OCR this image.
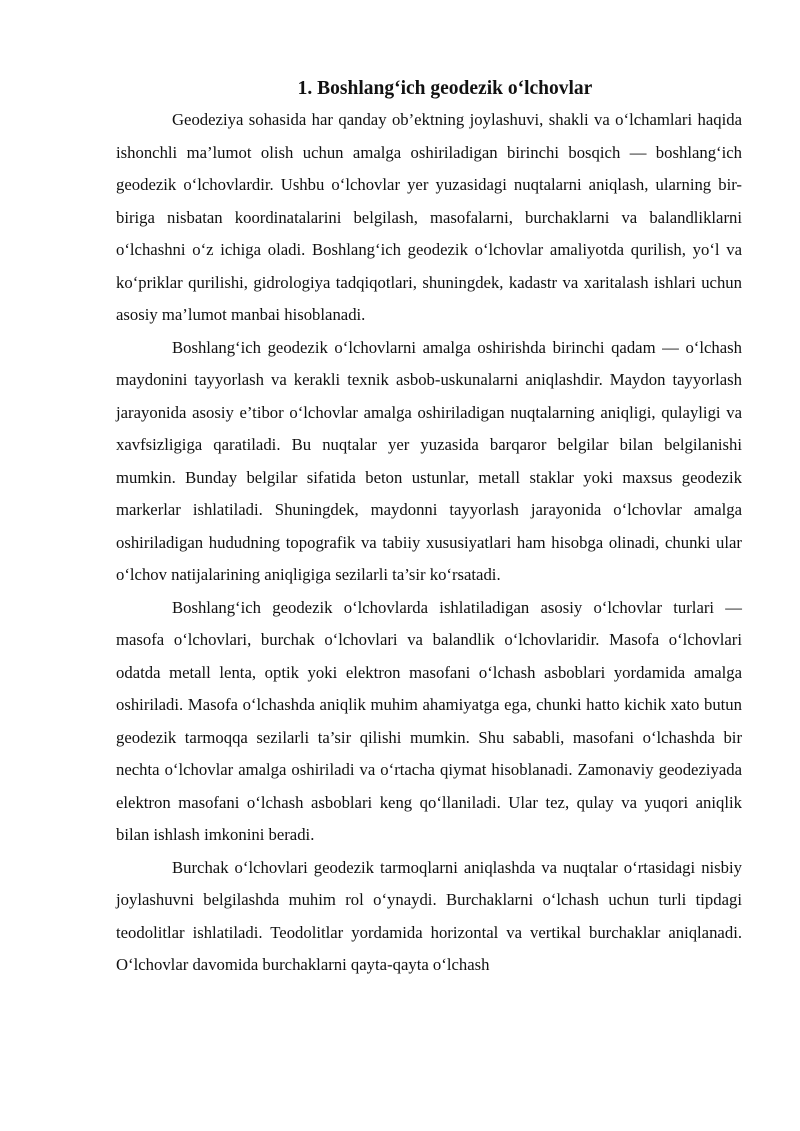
1. Boshlang‘ich geodezik o‘lchovlar

Geodeziya sohasida har qanday ob’ektning joylashuvi, shakli va o‘lchamlari haqida ishonchli ma’lumot olish uchun amalga oshiriladigan birinchi bosqich — boshlang‘ich geodezik o‘lchovlardir. Ushbu o‘lchovlar yer yuzasidagi nuqtalarni aniqlash, ularning bir-biriga nisbatan koordinatalarini belgilash, masofalarni, burchaklarni va balandliklarni o‘lchashni o‘z ichiga oladi. Boshlang‘ich geodezik o‘lchovlar amaliyotda qurilish, yo‘l va ko‘priklar qurilishi, gidrologiya tadqiqotlari, shuningdek, kadastr va xaritalash ishlari uchun asosiy ma’lumot manbai hisoblanadi.

Boshlang‘ich geodezik o‘lchovlarni amalga oshirishda birinchi qadam — o‘lchash maydonini tayyorlash va kerakli texnik asbob-uskunalarni aniqlashdir. Maydon tayyorlash jarayonida asosiy e’tibor o‘lchovlar amalga oshiriladigan nuqtalarning aniqligi, qulayligi va xavfsizligiga qaratiladi. Bu nuqtalar yer yuzasida barqaror belgilar bilan belgilanishi mumkin. Bunday belgilar sifatida beton ustunlar, metall staklar yoki maxsus geodezik markerlar ishlatiladi. Shuningdek, maydonni tayyorlash jarayonida o‘lchovlar amalga oshiriladigan hududning topografik va tabiiy xususiyatlari ham hisobga olinadi, chunki ular o‘lchov natijalarining aniqligiga sezilarli ta’sir ko‘rsatadi.

Boshlang‘ich geodezik o‘lchovlarda ishlatiladigan asosiy o‘lchovlar turlari — masofa o‘lchovlari, burchak o‘lchovlari va balandlik o‘lchovlaridir. Masofa o‘lchovlari odatda metall lenta, optik yoki elektron masofani o‘lchash asboblari yordamida amalga oshiriladi. Masofa o‘lchashda aniqlik muhim ahamiyatga ega, chunki hatto kichik xato butun geodezik tarmoqqa sezilarli ta’sir qilishi mumkin. Shu sababli, masofani o‘lchashda bir nechta o‘lchovlar amalga oshiriladi va o‘rtacha qiymat hisoblanadi. Zamonaviy geodeziyada elektron masofani o‘lchash asboblari keng qo‘llaniladi. Ular tez, qulay va yuqori aniqlik bilan ishlash imkonini beradi.

Burchak o‘lchovlari geodezik tarmoqlarni aniqlashda va nuqtalar o‘rtasidagi nisbiy joylashuvni belgilashda muhim rol o‘ynaydi. Burchaklarni o‘lchash uchun turli tipdagi teodolitlar ishlatiladi. Teodolitlar yordamida horizontal va vertikal burchaklar aniqlanadi. O‘lchovlar davomida burchaklarni qayta-qayta o‘lchash
